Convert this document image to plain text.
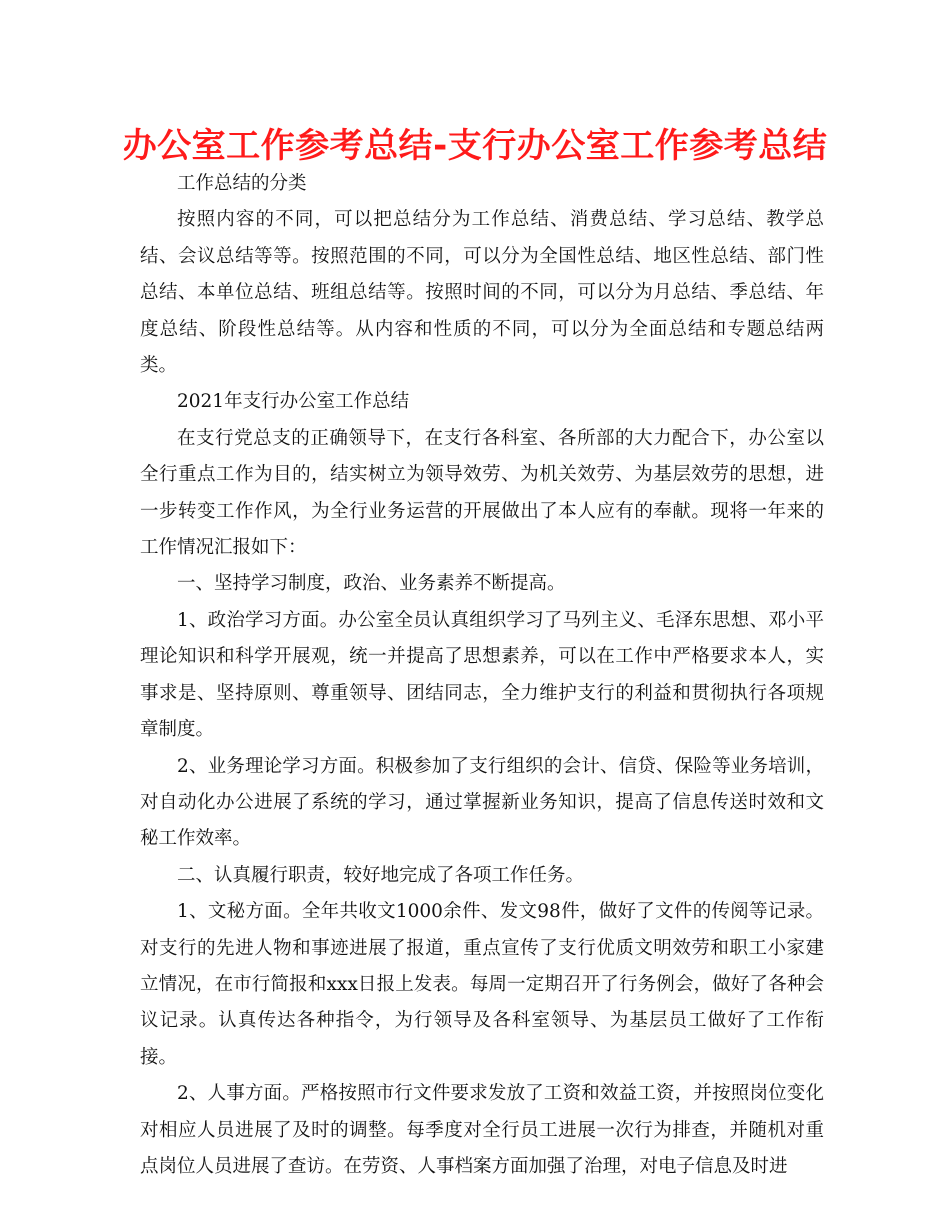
办公室工作参考总结-支行办公室工作参考总结

工作总结的分类

按照内容的不同，可以把总结分为工作总结、消费总结、学习总结、教学总结、会议总结等等。按照范围的不同，可以分为全国性总结、地区性总结、部门性总结、本单位总结、班组总结等。按照时间的不同，可以分为月总结、季总结、年度总结、阶段性总结等。从内容和性质的不同，可以分为全面总结和专题总结两类。

2021年支行办公室工作总结

在支行党总支的正确领导下，在支行各科室、各所部的大力配合下，办公室以全行重点工作为目的，结实树立为领导效劳、为机关效劳、为基层效劳的思想，进一步转变工作作风，为全行业务运营的开展做出了本人应有的奉献。现将一年来的工作情况汇报如下：

一、坚持学习制度，政治、业务素养不断提高。

1、政治学习方面。办公室全员认真组织学习了马列主义、毛泽东思想、邓小平理论知识和科学开展观，统一并提高了思想素养，可以在工作中严格要求本人，实事求是、坚持原则、尊重领导、团结同志，全力维护支行的利益和贯彻执行各项规章制度。

2、业务理论学习方面。积极参加了支行组织的会计、信贷、保险等业务培训，对自动化办公进展了系统的学习，通过掌握新业务知识，提高了信息传送时效和文秘工作效率。

二、认真履行职责，较好地完成了各项工作任务。

1、文秘方面。全年共收文1000余件、发文98件，做好了文件的传阅等记录。对支行的先进人物和事迹进展了报道，重点宣传了支行优质文明效劳和职工小家建立情况，在市行简报和xxx日报上发表。每周一定期召开了行务例会，做好了各种会议记录。认真传达各种指令，为行领导及各科室领导、为基层员工做好了工作衔接。

2、人事方面。严格按照市行文件要求发放了工资和效益工资，并按照岗位变化对相应人员进展了及时的调整。每季度对全行员工进展一次行为排查，并随机对重点岗位人员进展了查访。在劳资、人事档案方面加强了治理，对电子信息及时进
